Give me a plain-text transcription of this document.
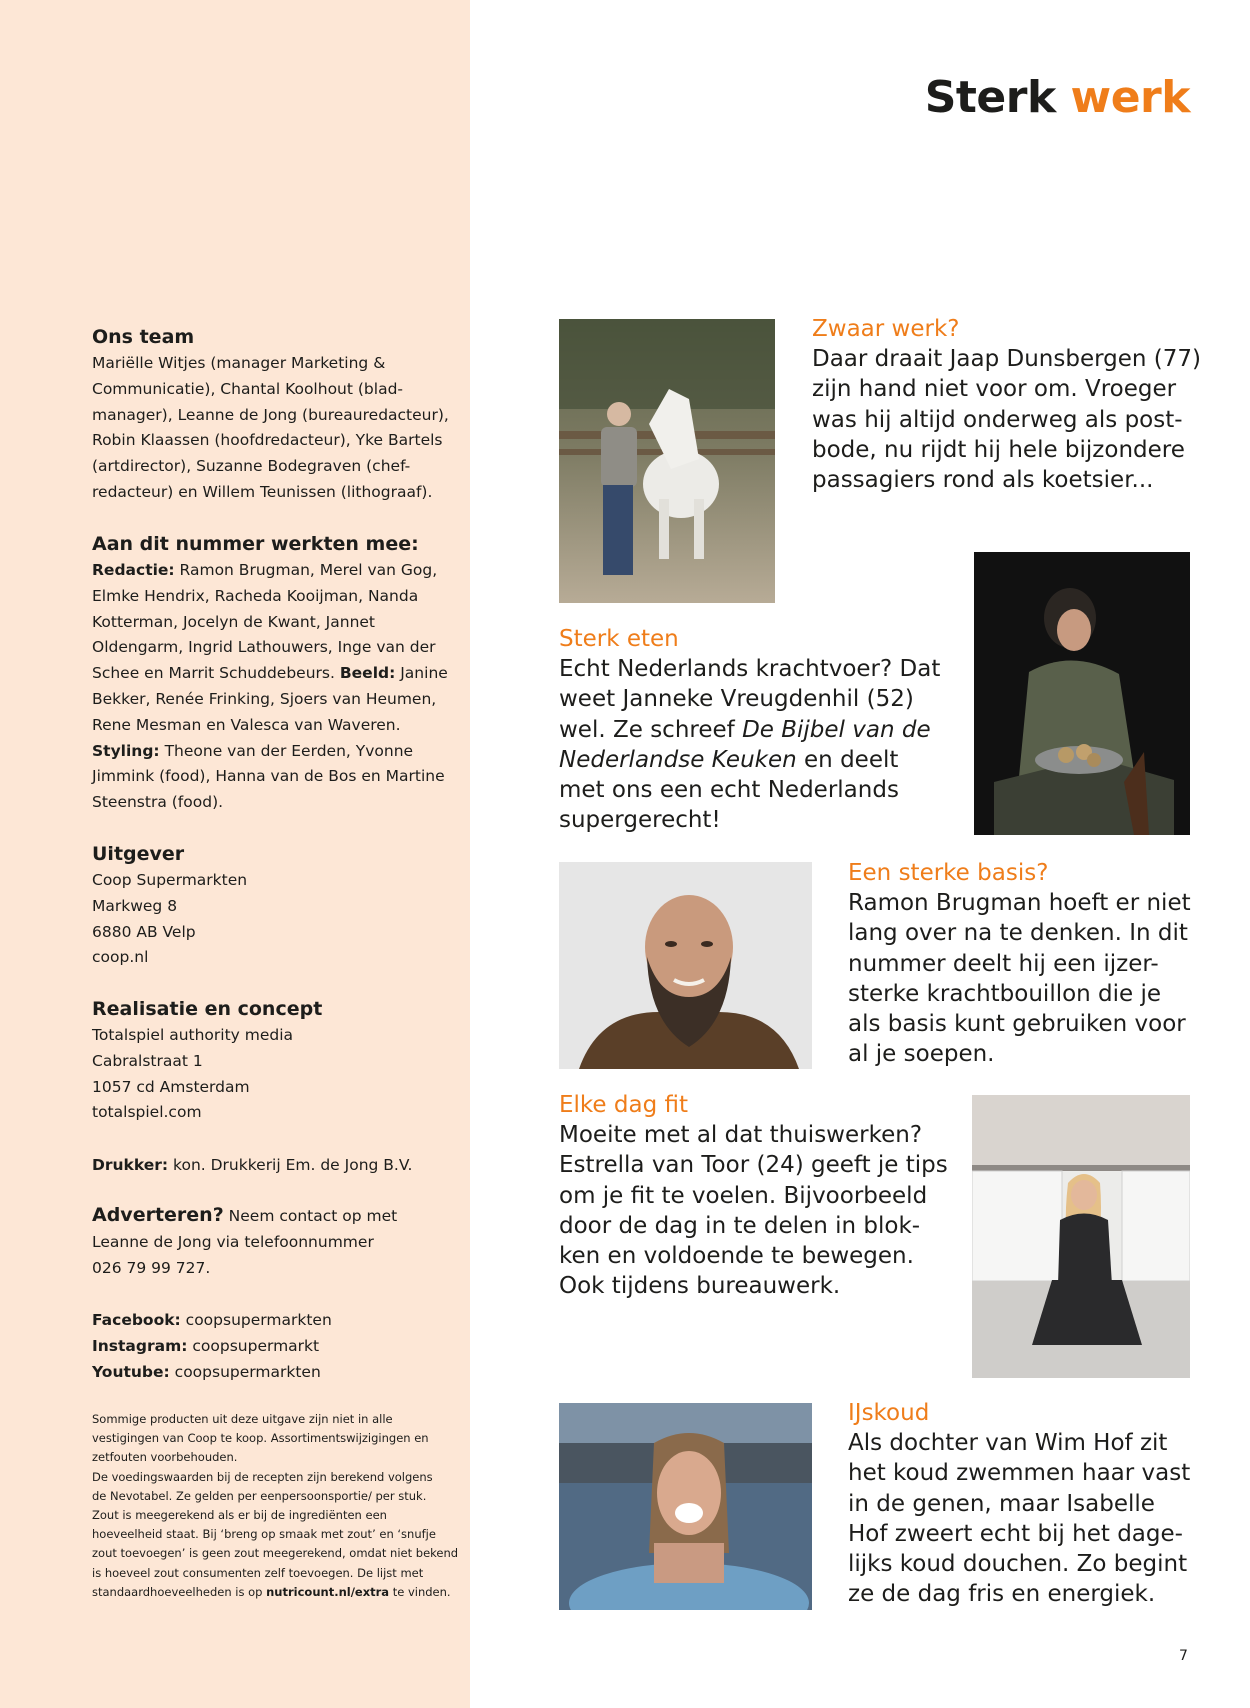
Sterk werk

Ons team

Mariëlle Witjes (manager Marketing &

Communicatie), Chantal Koolhout (blad-

manager), Leanne de Jong (bureauredacteur),

Robin Klaassen (hoofdredacteur), Yke Bartels

(artdirector), Suzanne Bodegraven (chef-

redacteur) en Willem Teunissen (lithograaf).

Aan dit nummer werkten mee:

Redactie: Ramon Brugman, Merel van Gog,

Elmke Hendrix, Racheda Kooijman, Nanda

Kotterman, Jocelyn de Kwant, Jannet

Oldengarm, Ingrid Lathouwers, Inge van der

Schee en Marrit Schuddebeurs. Beeld: Janine

Bekker, Renée Frinking, Sjoers van Heumen,

Rene Mesman en Valesca van Waveren.

Styling: Theone van der Eerden, Yvonne

Jimmink (food), Hanna van de Bos en Martine

Steenstra (food).

Uitgever

Coop Supermarkten

Markweg 8

6880 AB Velp

coop.nl

Realisatie en concept

Totalspiel authority media

Cabralstraat 1

1057 cd Amsterdam

totalspiel.com

Drukker: kon. Drukkerij Em. de Jong B.V.

Adverteren? Neem contact op met

Leanne de Jong via telefoonnummer

026 79 99 727.

Facebook: coopsupermarkten

Instagram: coopsupermarkt

Youtube: coopsupermarkten

Sommige producten uit deze uitgave zijn niet in alle

vestigingen van Coop te koop. Assortimentswijzigingen en

zetfouten voorbehouden.

De voedingswaarden bij de recepten zijn berekend volgens

de Nevotabel. Ze gelden per eenpersoonsportie/ per stuk.

Zout is meegerekend als er bij de ingrediënten een

hoeveelheid staat. Bij ‘breng op smaak met zout’ en ‘snufje

zout toevoegen’ is geen zout meegerekend, omdat niet bekend

is hoeveel zout consumenten zelf toevoegen. De lijst met

standaardhoeveelheden is op nutricount.nl/extra te vinden.

Zwaar werk?

Daar draait Jaap Dunsbergen (77)

zijn hand niet voor om. Vroeger

was hij altijd onderweg als post-

bode, nu rijdt hij hele bijzondere

passagiers rond als koetsier...

Sterk eten

Echt Nederlands krachtvoer? Dat

weet Janneke Vreugdenhil (52)

wel. Ze schreef De Bijbel van de

Nederlandse Keuken en deelt

met ons een echt Nederlands

supergerecht!

Een sterke basis?

Ramon Brugman hoeft er niet

lang over na te denken. In dit

nummer deelt hij een ijzer-

sterke krachtbouillon die je

als basis kunt gebruiken voor

al je soepen.

Elke dag fit

Moeite met al dat thuiswerken?

Estrella van Toor (24) geeft je tips

om je fit te voelen. Bijvoorbeeld

door de dag in te delen in blok-

ken en voldoende te bewegen.

Ook tijdens bureauwerk.

IJskoud

Als dochter van Wim Hof zit

het koud zwemmen haar vast

in de genen, maar Isabelle

Hof zweert echt bij het dage-

lijks koud douchen. Zo begint

ze de dag fris en energiek.

7
